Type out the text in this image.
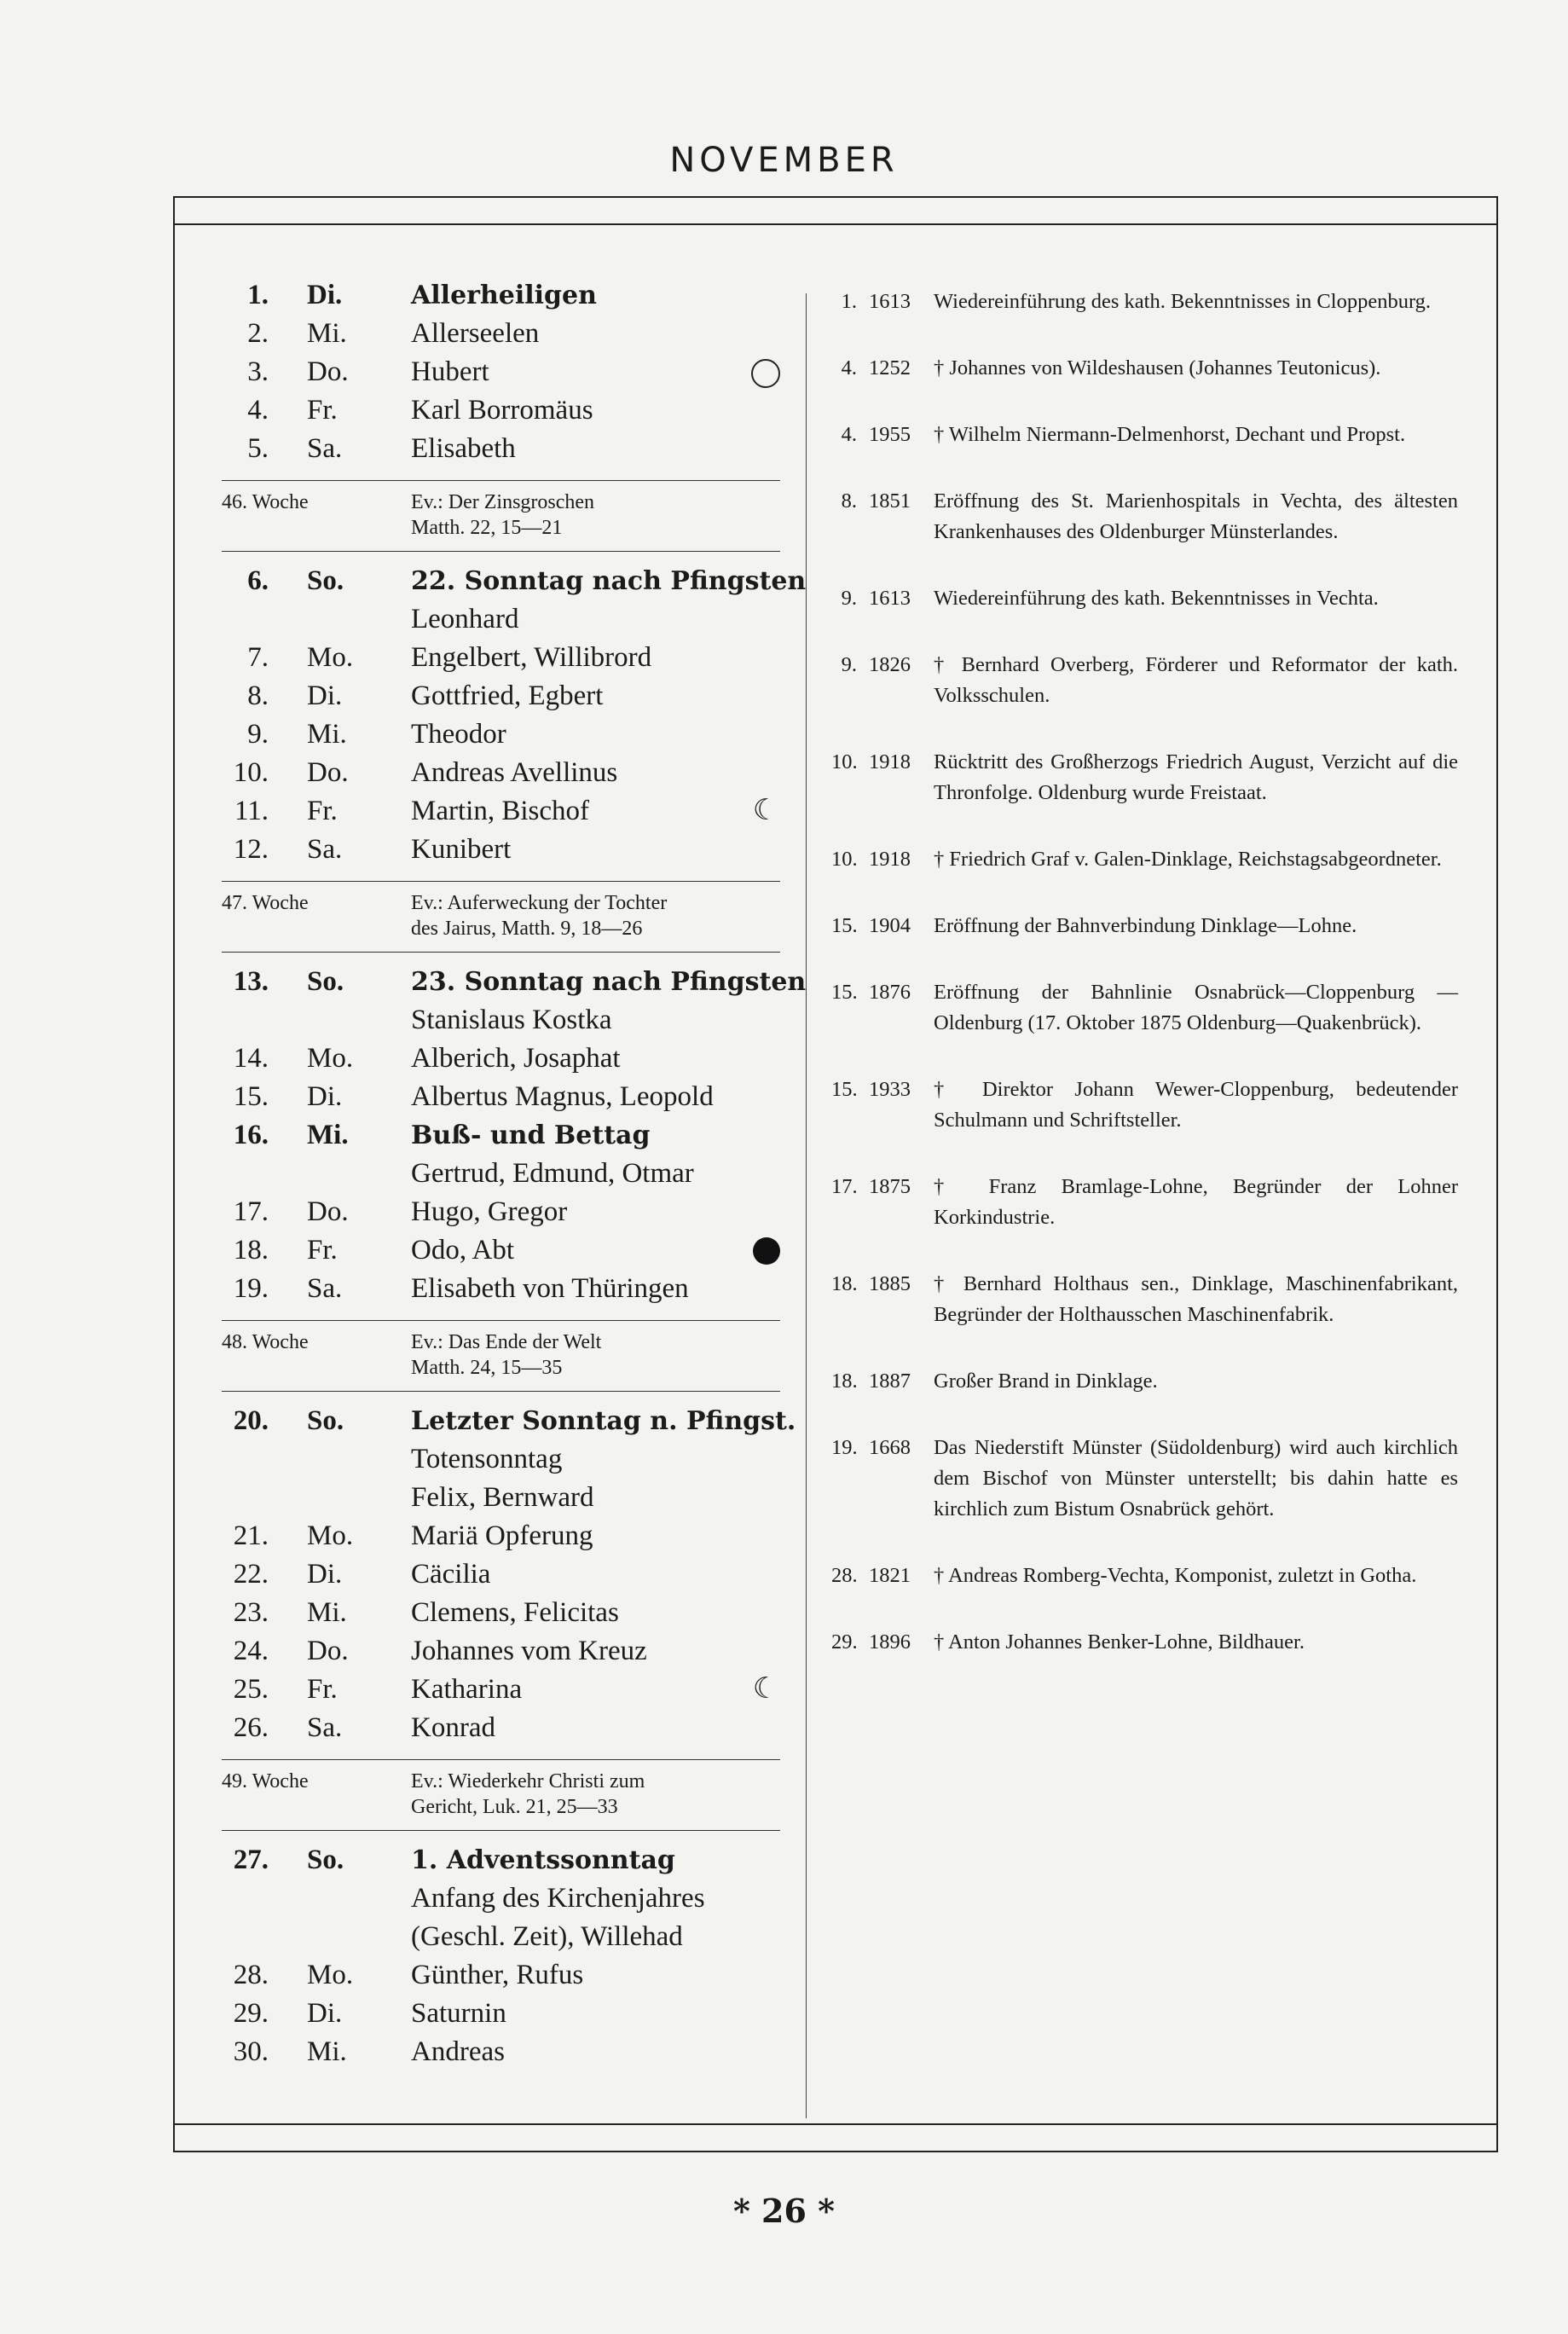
NOVEMBER
1. Di.	Allerheiligen
2. Mi. Allerseelen
3. Do. Hubert
4. Fr.	Karl Borromäus
5. Sa. Elisabeth
46. Woche	Ev.: Der Zinsgroschen
Matth. 22, 15—21
6. So.	22. Sonntag nach Pfingsten
Leonhard
7. Mo. Engelbert, Willibrord
8. Di. Gottfried, Egbert
9. Mi. Theodor
10. Do. Andreas Avellinus
11. Fr.	Martin, Bischof	☾
12. Sa. Kunibert
47. Woche	Ev.: Auferweckung der Tochter
des Jairus, Matth. 9, 18—26
13. So.	23. Sonntag nach Pfingsten
Stanislaus Kostka
14. Mo. Alberich, Josaphat
15. Di. Albertus Magnus, Leopold
16. Mi. Buß- und Bettag
Gertrud, Edmund, Otmar
17. Do. Hugo, Gregor
18. Fr.	Odo, Abt
19. Sa. Elisabeth von Thüringen
48. Woche	Ev.: Das Ende der Welt
Matth. 24, 15—35
20. So.	Letzter Sonntag n. Pfingst.
Totensonntag
Felix, Bernward
21. Mo. Mariä Opferung
22. Di. Cäcilia
23. Mi. Clemens, Felicitas
24. Do. Johannes vom Kreuz
25. Fr.	Katharina	☾
26. Sa. Konrad
49. Woche	Ev.: Wiederkehr Christi zum
Gericht, Luk. 21, 25—33
27. So.	1. Adventssonntag
Anfang des Kirchenjahres
(Geschl. Zeit), Willehad
28. Mo. Günther, Rufus
29. Di. Saturnin
30. Mi. Andreas
1. 1613 Wiedereinführung des kath. Bekenntnisses in Cloppenburg.
4. 1252 † Johannes von Wildeshausen (Johannes Teutonicus).
4. 1955 † Wilhelm Niermann-Delmenhorst, Dechant und Propst.
8. 1851 Eröffnung des St. Marienhospitals in Vechta, des ältesten Krankenhauses des Oldenburger Münsterlandes.
9. 1613 Wiedereinführung des kath. Bekenntnisses in Vechta.
9. 1826 † Bernhard Overberg, Förderer und Reformator der kath. Volksschulen.
10. 1918 Rücktritt des Großherzogs Friedrich August, Verzicht auf die Thronfolge. Oldenburg wurde Freistaat.
10. 1918 † Friedrich Graf v. Galen-Dinklage, Reichstagsabgeordneter.
15. 1904 Eröffnung der Bahnverbindung Dinklage—Lohne.
15. 1876 Eröffnung der Bahnlinie Osnabrück—Cloppenburg — Oldenburg (17. Oktober 1875 Oldenburg—Quakenbrück).
15. 1933 † Direktor Johann Wewer-Cloppenburg, bedeutender Schulmann und Schriftsteller.
17. 1875 † Franz Bramlage-Lohne, Begründer der Lohner Korkindustrie.
18. 1885 † Bernhard Holthaus sen., Dinklage, Maschinenfabrikant, Begründer der Holthausschen Maschinenfabrik.
18. 1887 Großer Brand in Dinklage.
19. 1668 Das Niederstift Münster (Südoldenburg) wird auch kirchlich dem Bischof von Münster unterstellt; bis dahin hatte es kirchlich zum Bistum Osnabrück gehört.
28. 1821 † Andreas Romberg-Vechta, Komponist, zuletzt in Gotha.
29. 1896 † Anton Johannes Benker-Lohne, Bildhauer.
* 26 *
